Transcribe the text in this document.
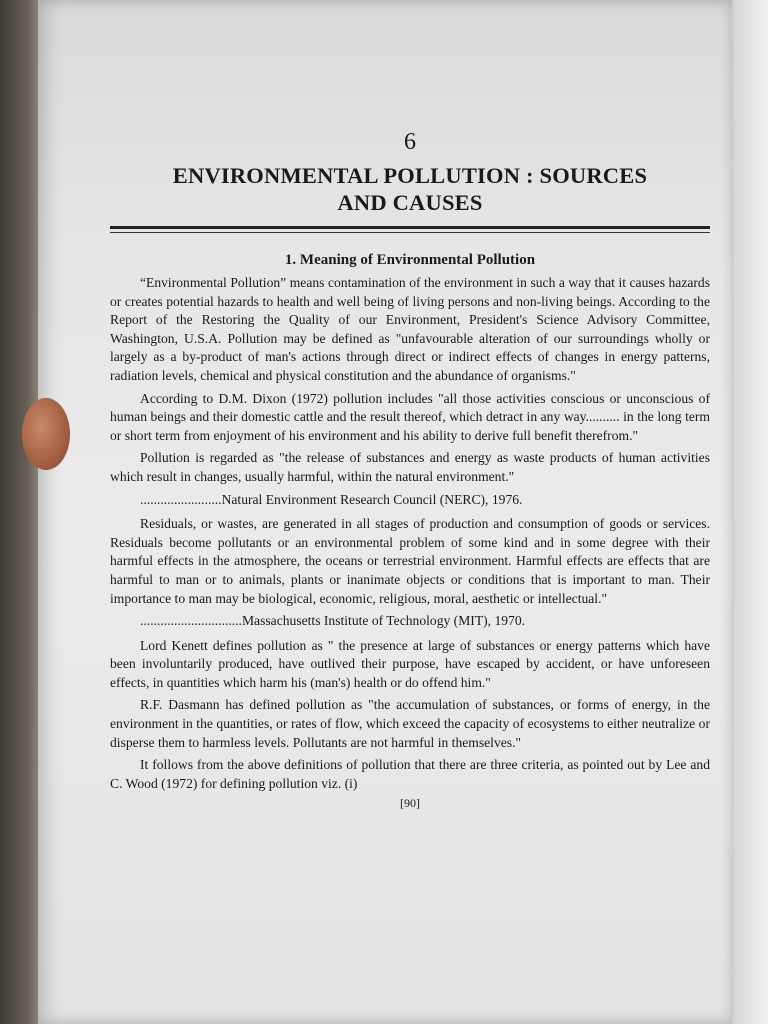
6

ENVIRONMENTAL POLLUTION : SOURCES
AND CAUSES

1. Meaning of Environmental Pollution

“Environmental Pollution” means contamination of the environment in such a way that it causes hazards or creates potential hazards to health and well being of living persons and non-living beings. According to the Report of the Restoring the Quality of our Environment, President's Science Advisory Committee, Washington, U.S.A. Pollution may be defined as "unfavourable alteration of our surroundings wholly or largely as a by-product of man's actions through direct or indirect effects of changes in energy patterns, radiation levels, chemical and physical constitution and the abundance of organisms."

According to D.M. Dixon (1972) pollution includes "all those activities conscious or unconscious of human beings and their domestic cattle and the result thereof, which detract in any way.......... in the long term or short term from enjoyment of his environment and his ability to derive full benefit therefrom."

Pollution is regarded as "the release of substances and energy as waste products of human activities which result in changes, usually harmful, within the natural environment."

........................Natural Environment Research Council (NERC), 1976.

Residuals, or wastes, are generated in all stages of production and consumption of goods or services. Residuals become pollutants or an environmental problem of some kind and in some degree with their harmful effects in the atmosphere, the oceans or terrestrial environment. Harmful effects are effects that are harmful to man or to animals, plants or inanimate objects or conditions that is important to man. Their importance to man may be biological, economic, religious, moral, aesthetic or intellectual."

..............................Massachusetts Institute of Technology (MIT), 1970.

Lord Kenett defines pollution as " the presence at large of substances or energy patterns which have been involuntarily produced, have outlived their purpose, have escaped by accident, or have unforeseen effects, in quantities which harm his (man's) health or do offend him."

R.F. Dasmann has defined pollution as "the accumulation of substances, or forms of energy, in the environment in the quantities, or rates of flow, which exceed the capacity of ecosystems to either neutralize or disperse them to harmless levels. Pollutants are not harmful in themselves."

It follows from the above definitions of pollution that there are three criteria, as pointed out by Lee and C. Wood (1972) for defining pollution viz. (i)

[90]
